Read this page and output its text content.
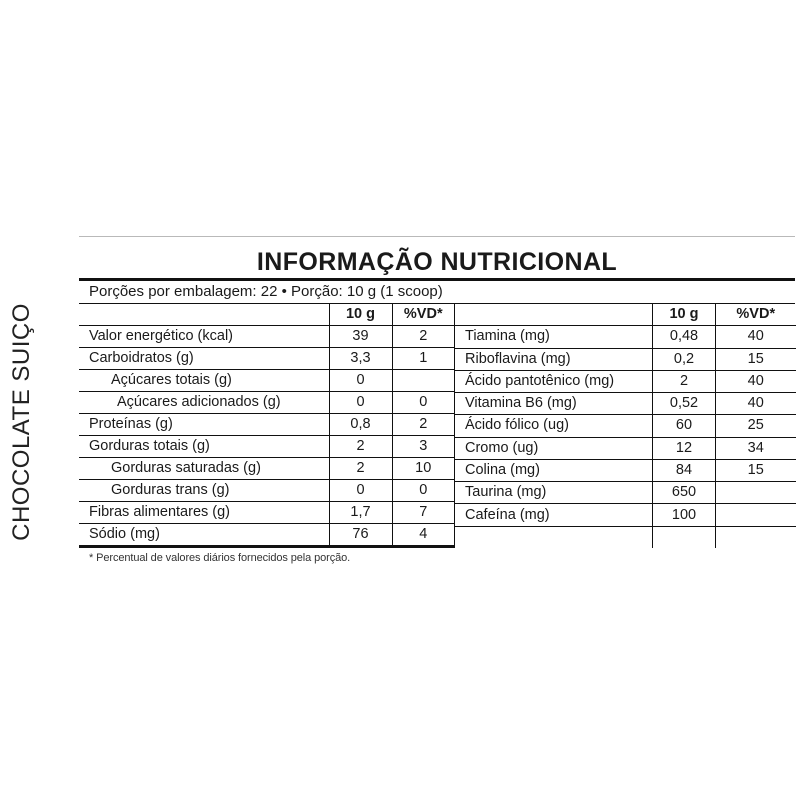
CHOCOLATE SUIÇO
INFORMAÇÃO NUTRICIONAL
Porções por embalagem: 22 • Porção: 10 g (1 scoop)
	10 g	%VD*
Valor energético (kcal)	39	2
Carboidratos (g)	3,3	1
Açúcares totais (g)	0	
Açúcares adicionados (g)	0	0
Proteínas (g)	0,8	2
Gorduras totais (g)	2	3
Gorduras saturadas (g)	2	10
Gorduras trans (g)	0	0
Fibras alimentares (g)	1,7	7
Sódio (mg)	76	4
	10 g	%VD*
Tiamina (mg)	0,48	40
Riboflavina (mg)	0,2	15
Ácido pantotênico (mg)	2	40
Vitamina B6 (mg)	0,52	40
Ácido fólico (ug)	60	25
Cromo (ug)	12	34
Colina (mg)	84	15
Taurina (mg)	650	
Cafeína (mg)	100	

* Percentual de valores diários fornecidos pela porção.
